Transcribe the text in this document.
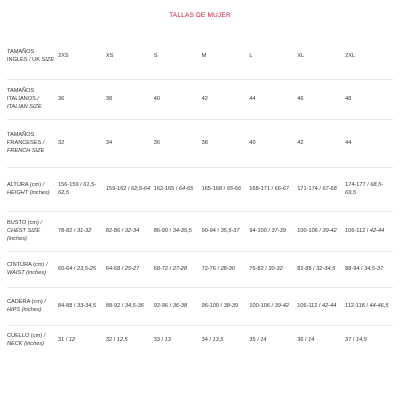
TALLAS DE MUJER
TAMAÑOS INGLÉS / UK SIZE	2XS	XS	S	M	L	XL	2XL
TAMAÑOS ITALIANOS / ITALIAN SIZE	36	38	40	42	44	46	48
TAMAÑOS FRANCESES / FRENCH SIZE	32	34	36	38	40	42	44
ALTURA (cm) / HEIGHT (inches)	156-159 / 61,5-62,5	159-162 / 62,5-64	162-165 / 64-65	165-168 / 65-66	168-171 / 66-67	171-174 / 67-68	174-177 / 68,5-69,5
BUSTO (cm) / CHEST SIZE (inches)	78-82 / 31-32	82-86 / 32-34	86-90 / 34-35,5	90-94 / 35,5-37	94-100 / 37-39	100-106 / 39-42	106-112 / 42-44
CINTURA (cm) / WAIST (inches)	60-64 / 23,5-25	64-68 / 25-27	68-72 / 27-28	72-76 / 28-30	76-82 / 30-32	82-88 / 32-34,5	88-94 / 34,5-37
CADERA (cm) / HIPS (inches)	84-88 / 33-34,5	88-92 / 34,5-36	92-96 / 36-38	96-100 / 38-39	100-106 / 39-42	106-112 / 42-44	112-118 / 44-46,5
CUELLO (cm) / NECK (inches)	31 / 12	32 / 12,5	33 / 13	34 / 13,5	35 / 14	36 / 14	37 / 14,5
